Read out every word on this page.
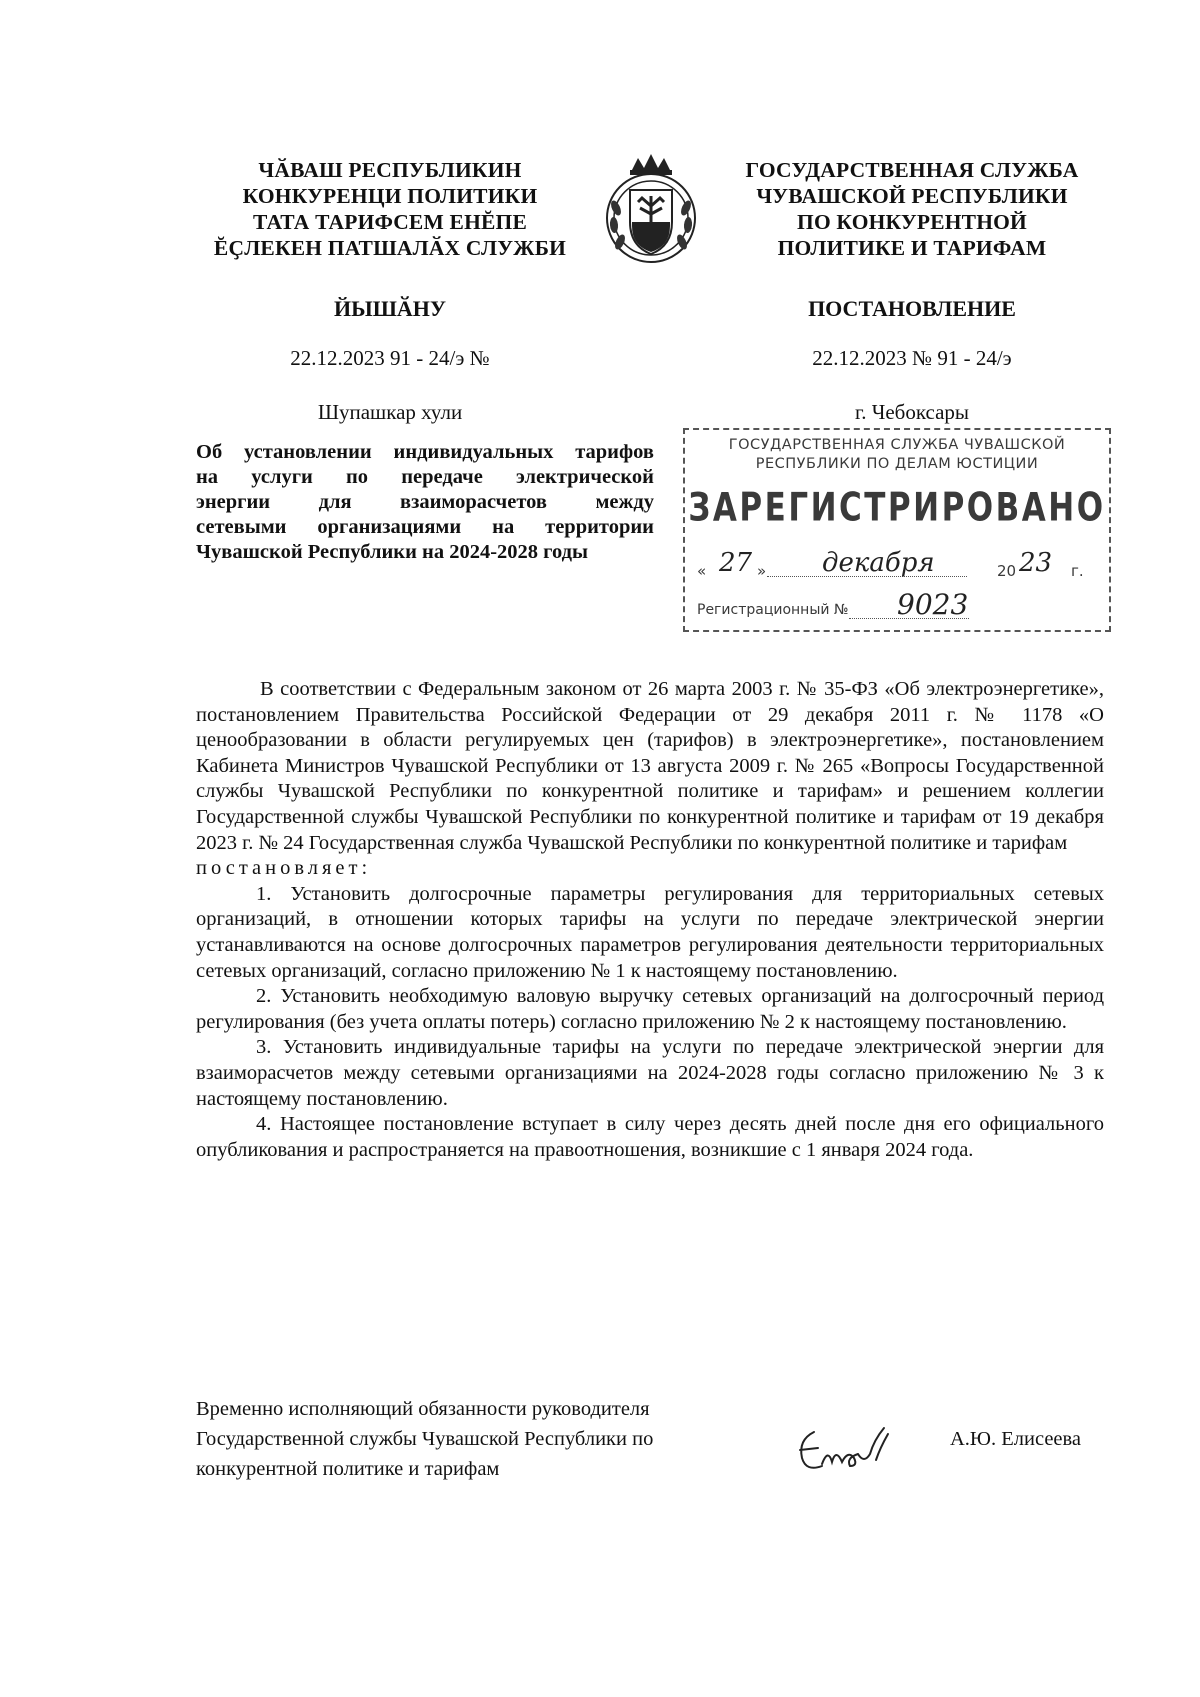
ЧӐВАШ РЕСПУБЛИКИН
КОНКУРЕНЦИ ПОЛИТИКИ
ТАТА ТАРИФСЕМ ЕНĔПЕ
ĔҪЛЕКЕН ПАТШАЛӐХ СЛУЖБИ
ГОСУДАРСТВЕННАЯ СЛУЖБА
ЧУВАШСКОЙ РЕСПУБЛИКИ
ПО КОНКУРЕНТНОЙ
ПОЛИТИКЕ И ТАРИФАМ
ЙЫШӐНУ	ПОСТАНОВЛЕНИЕ
22.12.2023 91 - 24/э №	22.12.2023 № 91 - 24/э
Шупашкар хули	г. Чебоксары
Об установлении индивидуальных тарифов
на услуги по передаче электрической
энергии для взаиморасчетов между
сетевыми организациями на территории
Чувашской Республики на 2024-2028 годы
ГОСУДАРСТВЕННАЯ СЛУЖБА ЧУВАШСКОЙ
РЕСПУБЛИКИ ПО ДЕЛАМ ЮСТИЦИИ
ЗАРЕГИСТРИРОВАНО
« 27 » декабря	20 23 г.
Регистрационный № 9023

В соответствии с Федеральным законом от 26 марта 2003 г. № 35-ФЗ «Об электроэнергетике», постановлением Правительства Российской Федерации от 29 декабря 2011 г. № 1178 «О ценообразовании в области регулируемых цен (тарифов) в электроэнергетике», постановлением Кабинета Министров Чувашской Республики от 13 августа 2009 г. № 265 «Вопросы Государственной службы Чувашской Республики по конкурентной политике и тарифам» и решением коллегии Государственной службы Чувашской Республики по конкурентной политике и тарифам от 19 декабря 2023 г. № 24 Государственная служба Чувашской Республики по конкурентной политике и тарифам

постановляет:

1. Установить долгосрочные параметры регулирования для территориальных сетевых организаций, в отношении которых тарифы на услуги по передаче электрической энергии устанавливаются на основе долгосрочных параметров регулирования деятельности территориальных сетевых организаций, согласно приложению № 1 к настоящему постановлению.

2. Установить необходимую валовую выручку сетевых организаций на долгосрочный период регулирования (без учета оплаты потерь) согласно приложению № 2 к настоящему постановлению.

3. Установить индивидуальные тарифы на услуги по передаче электрической энергии для взаиморасчетов между сетевыми организациями на 2024-2028 годы согласно приложению № 3 к настоящему постановлению.

4. Настоящее постановление вступает в силу через десять дней после дня его официального опубликования и распространяется на правоотношения, возникшие с 1 января 2024 года.

Временно исполняющий обязанности руководителя
Государственной службы Чувашской Республики по
конкурентной политике и тарифам
А.Ю. Елисеева
